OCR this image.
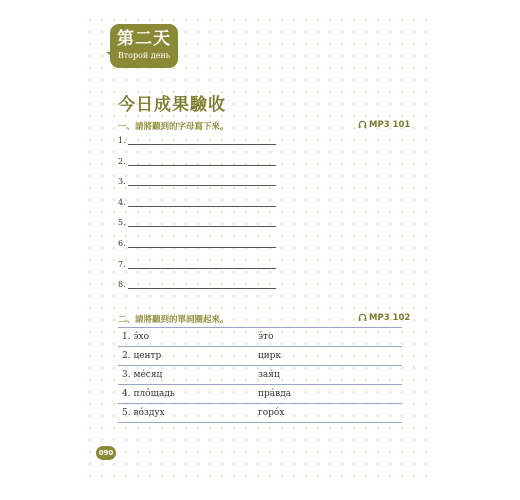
第二天
Второй день
今日成果驗收
一、請將聽到的字母寫下來。	MP3 101
1.
2.
3.
4.
5.
6.
7.
8.
二、請將聽到的單詞圈起來。	MP3 102
1. э́хо	э́то
2. центр	цирк
3. ме́сяц	зая́ц
4. пло́щадь	пра́вда
5. во́здух	горо́х
090
